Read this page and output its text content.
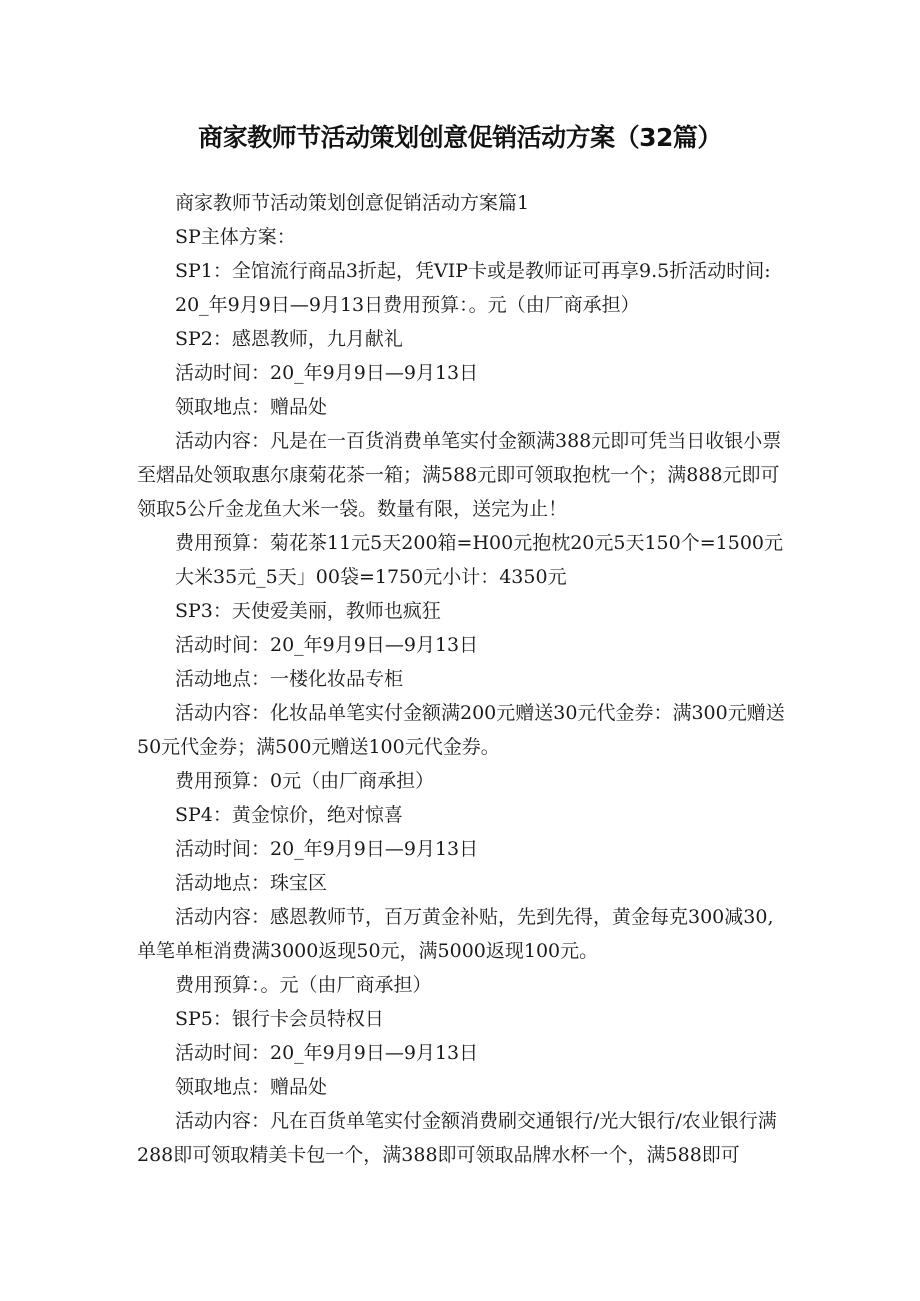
商家教师节活动策划创意促销活动方案（32篇）

商家教师节活动策划创意促销活动方案篇1

SP主体方案：

SP1：全馆流行商品3折起，凭VIP卡或是教师证可再享9.5折活动时间:

20_年9月9日—9月13日费用预算：。元（由厂商承担）

SP2：感恩教师，九月献礼

活动时间：20_年9月9日—9月13日

领取地点：赠品处

活动内容：凡是在一百货消费单笔实付金额满388元即可凭当日收银小票至熠品处领取惠尔康菊花茶一箱；满588元即可领取抱枕一个；满888元即可领取5公斤金龙鱼大米一袋。数量有限，送完为止！

费用预算：菊花茶11元5天200箱=H00元抱枕20元5天150个=1500元

大米35元_5天」00袋=1750元小计：4350元

SP3：天使爱美丽，教师也疯狂

活动时间：20_年9月9日—9月13日

活动地点：一楼化妆品专柜

活动内容：化妆品单笔实付金额满200元赠送30元代金券：满300元赠送50元代金券；满500元赠送100元代金券。

费用预算：0元（由厂商承担）

SP4：黄金惊价，绝对惊喜

活动时间：20_年9月9日—9月13日

活动地点：珠宝区

活动内容：感恩教师节，百万黄金补贴，先到先得，黄金每克300减30,单笔单柜消费满3000返现50元，满5000返现100元。

费用预算：。元（由厂商承担）

SP5：银行卡会员特权日

活动时间：20_年9月9日—9月13日

领取地点：赠品处

活动内容：凡在百货单笔实付金额消费刷交通银行/光大银行/农业银行满288即可领取精美卡包一个，满388即可领取品牌水杯一个，满588即可
